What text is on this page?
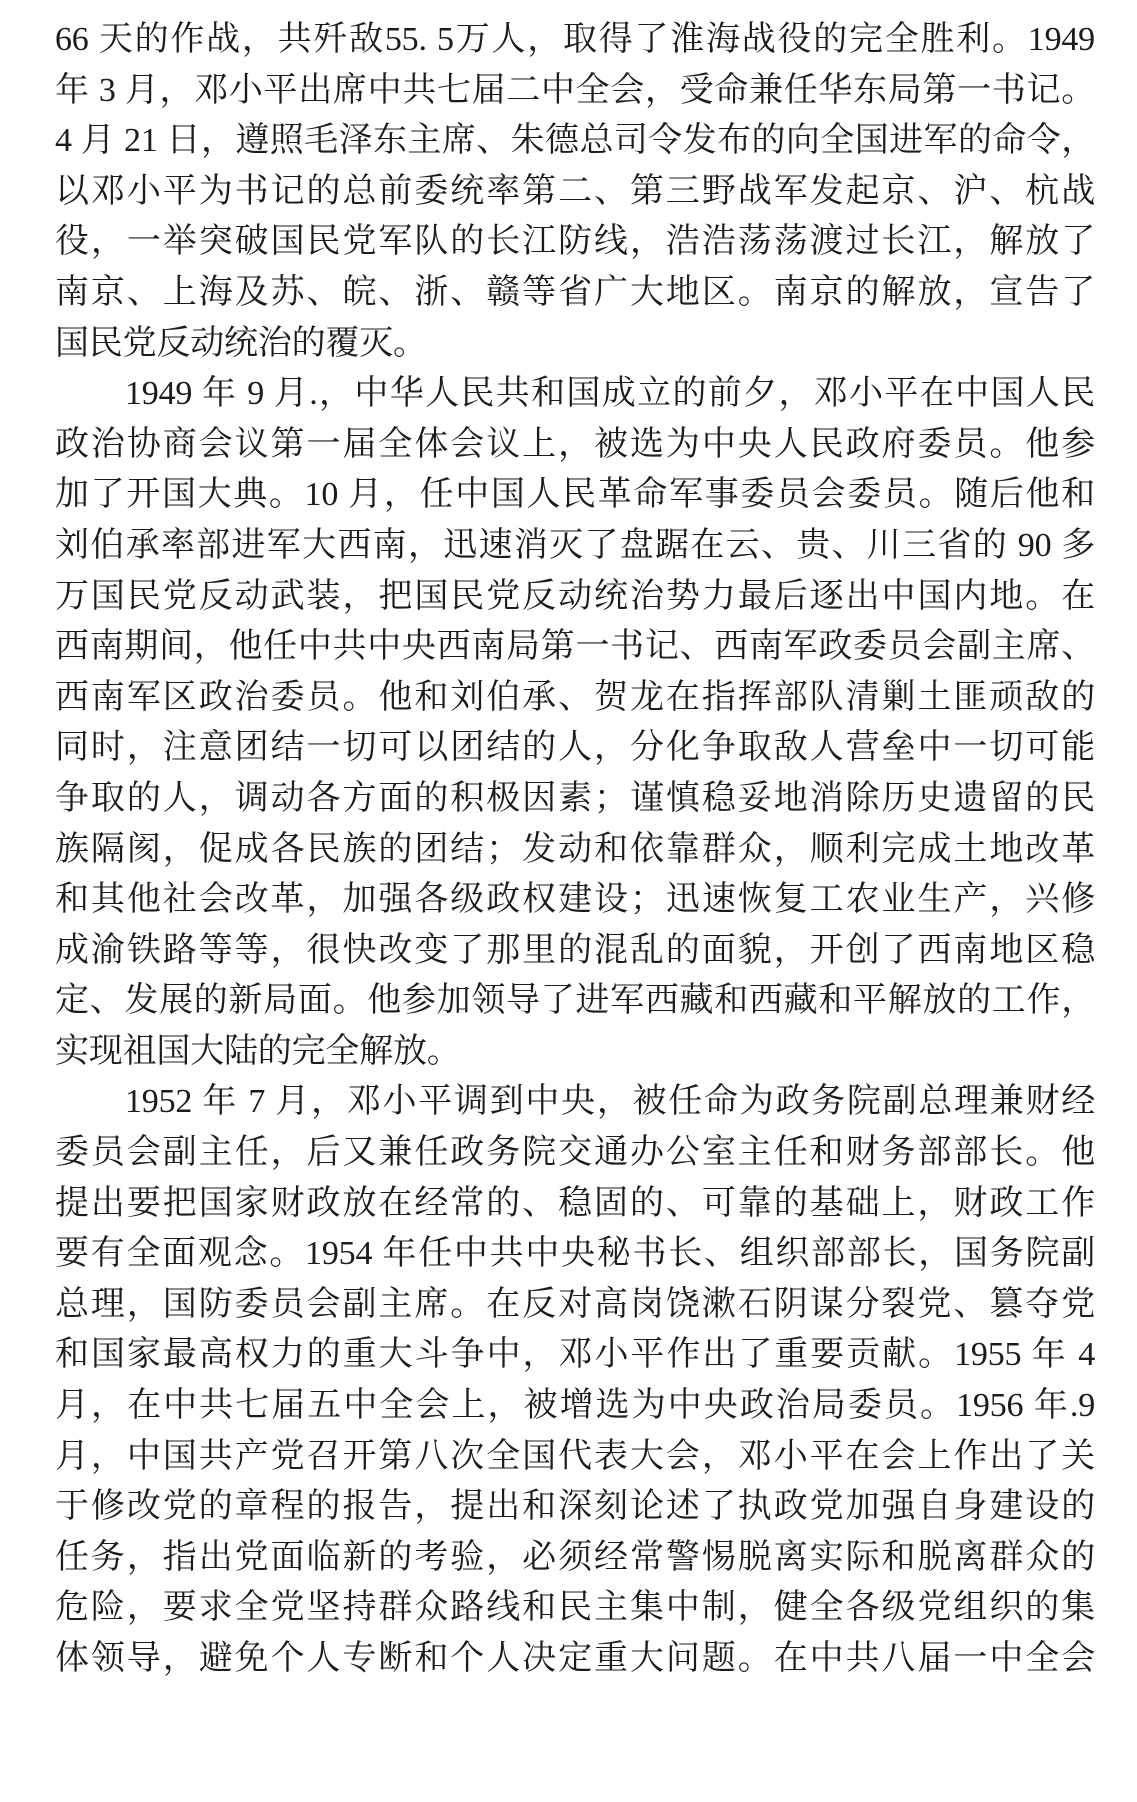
66 天的作战，共歼敌55. 5万人，取得了淮海战役的完全胜利。1949
年 3 月，邓小平出席中共七届二中全会，受命兼任华东局第一书记。
4 月 21 日，遵照毛泽东主席、朱德总司令发布的向全国进军的命令，
以邓小平为书记的总前委统率第二、第三野战军发起京、沪、杭战
役，一举突破国民党军队的长江防线，浩浩荡荡渡过长江，解放了
南京、上海及苏、皖、浙、赣等省广大地区。南京的解放，宣告了
国民党反动统治的覆灭。
1949 年 9 月.，中华人民共和国成立的前夕，邓小平在中国人民
政治协商会议第一届全体会议上，被选为中央人民政府委员。他参
加了开国大典。10 月，任中国人民革命军事委员会委员。随后他和
刘伯承率部进军大西南，迅速消灭了盘踞在云、贵、川三省的 90 多
万国民党反动武装，把国民党反动统治势力最后逐出中国内地。在
西南期间，他任中共中央西南局第一书记、西南军政委员会副主席、
西南军区政治委员。他和刘伯承、贺龙在指挥部队清剿土匪顽敌的
同时，注意团结一切可以团结的人，分化争取敌人营垒中一切可能
争取的人，调动各方面的积极因素；谨慎稳妥地消除历史遗留的民
族隔阂，促成各民族的团结；发动和依靠群众，顺利完成土地改革
和其他社会改革，加强各级政权建设；迅速恢复工农业生产，兴修
成渝铁路等等，很快改变了那里的混乱的面貌，开创了西南地区稳
定、发展的新局面。他参加领导了进军西藏和西藏和平解放的工作，
实现祖国大陆的完全解放。
1952 年 7 月，邓小平调到中央，被任命为政务院副总理兼财经
委员会副主任，后又兼任政务院交通办公室主任和财务部部长。他
提出要把国家财政放在经常的、稳固的、可靠的基础上，财政工作
要有全面观念。1954 年任中共中央秘书长、组织部部长，国务院副
总理，国防委员会副主席。在反对高岗饶漱石阴谋分裂党、篡夺党
和国家最高权力的重大斗争中，邓小平作出了重要贡献。1955 年 4
月，在中共七届五中全会上，被增选为中央政治局委员。1956 年.9
月，中国共产党召开第八次全国代表大会，邓小平在会上作出了关
于修改党的章程的报告，提出和深刻论述了执政党加强自身建设的
任务，指出党面临新的考验，必须经常警惕脱离实际和脱离群众的
危险，要求全党坚持群众路线和民主集中制，健全各级党组织的集
体领导，避免个人专断和个人决定重大问题。在中共八届一中全会
